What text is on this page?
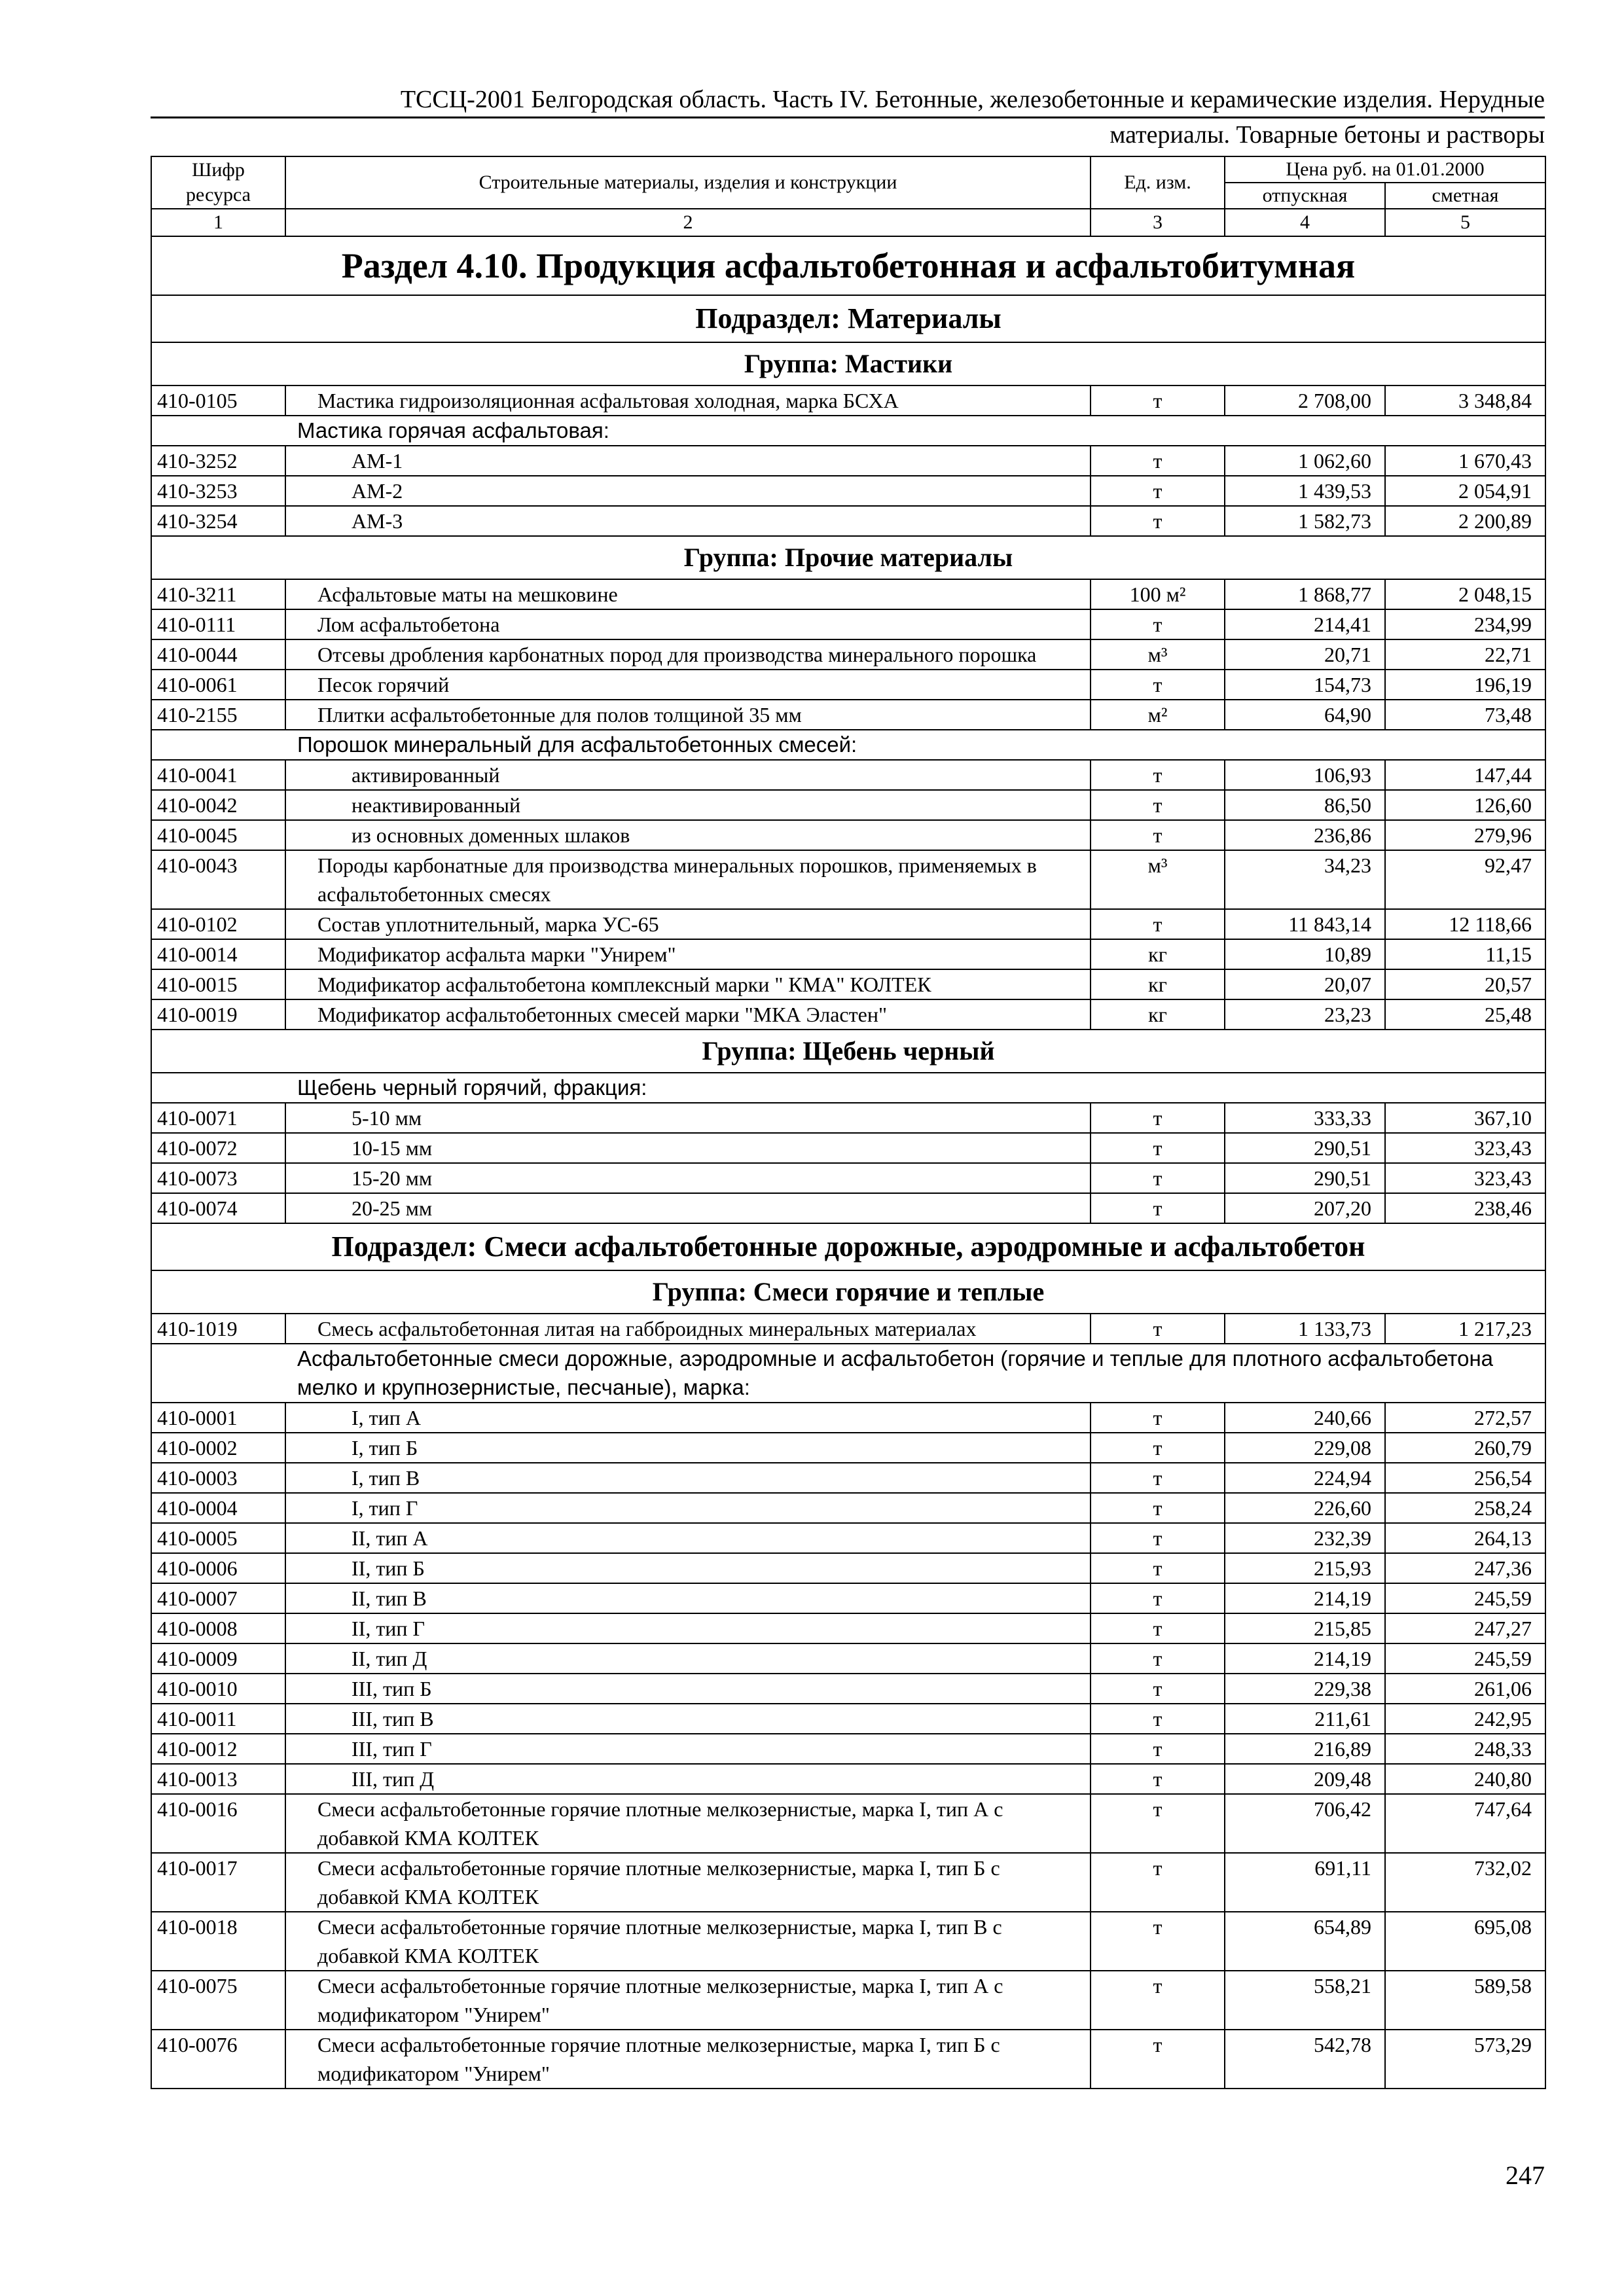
ТССЦ-2001 Белгородская область. Часть IV. Бетонные, железобетонные и керамические изделия. Нерудные
материалы. Товарные бетоны и растворы
Шифр ресурса	Строительные материалы, изделия и конструкции	Ед. изм.	Цена руб. на 01.01.2000	
			отпускная	сметная
1	2	3	4	5
Раздел 4.10. Продукция асфальтобетонная и асфальтобитумная				
Подраздел: Материалы				
Группа: Мастики				
410-0105	Мастика гидроизоляционная асфальтовая холодная, марка БСХА	т	2 708,00	3 348,84
Мастика горячая асфальтовая:				
410-3252	АМ-1	т	1 062,60	1 670,43
410-3253	АМ-2	т	1 439,53	2 054,91
410-3254	АМ-3	т	1 582,73	2 200,89
Группа: Прочие материалы				
410-3211	Асфальтовые маты на мешковине	100 м²	1 868,77	2 048,15
410-0111	Лом асфальтобетона	т	214,41	234,99
410-0044	Отсевы дробления карбонатных пород для производства минерального порошка	м³	20,71	22,71
410-0061	Песок горячий	т	154,73	196,19
410-2155	Плитки асфальтобетонные для полов толщиной 35 мм	м²	64,90	73,48
Порошок минеральный для асфальтобетонных смесей:				
410-0041	активированный	т	106,93	147,44
410-0042	неактивированный	т	86,50	126,60
410-0045	из основных доменных шлаков	т	236,86	279,96
410-0043	Породы карбонатные для производства минеральных порошков, применяемых в асфальтобетонных смесях	м³	34,23	92,47
410-0102	Состав уплотнительный, марка УС-65	т	11 843,14	12 118,66
410-0014	Модификатор асфальта марки "Унирем"	кг	10,89	11,15
410-0015	Модификатор асфальтобетона комплексный марки " КМА" КОЛТЕК	кг	20,07	20,57
410-0019	Модификатор асфальтобетонных смесей марки "МКА Эластен"	кг	23,23	25,48
Группа: Щебень черный				
Щебень черный горячий, фракция:				
410-0071	5-10 мм	т	333,33	367,10
410-0072	10-15 мм	т	290,51	323,43
410-0073	15-20 мм	т	290,51	323,43
410-0074	20-25 мм	т	207,20	238,46
Подраздел: Смеси асфальтобетонные дорожные, аэродромные и асфальтобетон				
Группа: Смеси горячие и теплые				
410-1019	Смесь асфальтобетонная литая на габброидных минеральных материалах	т	1 133,73	1 217,23
Асфальтобетонные смеси дорожные, аэродромные и асфальтобетон (горячие и теплые для плотного асфальтобетона мелко и крупнозернистые, песчаные), марка:				
410-0001	I, тип А	т	240,66	272,57
410-0002	I, тип Б	т	229,08	260,79
410-0003	I, тип В	т	224,94	256,54
410-0004	I, тип Г	т	226,60	258,24
410-0005	II, тип А	т	232,39	264,13
410-0006	II, тип Б	т	215,93	247,36
410-0007	II, тип В	т	214,19	245,59
410-0008	II, тип Г	т	215,85	247,27
410-0009	II, тип Д	т	214,19	245,59
410-0010	III, тип Б	т	229,38	261,06
410-0011	III, тип В	т	211,61	242,95
410-0012	III, тип Г	т	216,89	248,33
410-0013	III, тип Д	т	209,48	240,80
410-0016	Смеси асфальтобетонные горячие плотные мелкозернистые, марка I, тип А с добавкой КМА КОЛТЕК	т	706,42	747,64
410-0017	Смеси асфальтобетонные горячие плотные мелкозернистые, марка I, тип Б с добавкой КМА КОЛТЕК	т	691,11	732,02
410-0018	Смеси асфальтобетонные горячие плотные мелкозернистые, марка I, тип В с добавкой КМА КОЛТЕК	т	654,89	695,08
410-0075	Смеси асфальтобетонные горячие плотные мелкозернистые, марка I, тип А с модификатором "Унирем"	т	558,21	589,58
410-0076	Смеси асфальтобетонные горячие плотные мелкозернистые, марка I, тип Б с модификатором "Унирем"	т	542,78	573,29
247
